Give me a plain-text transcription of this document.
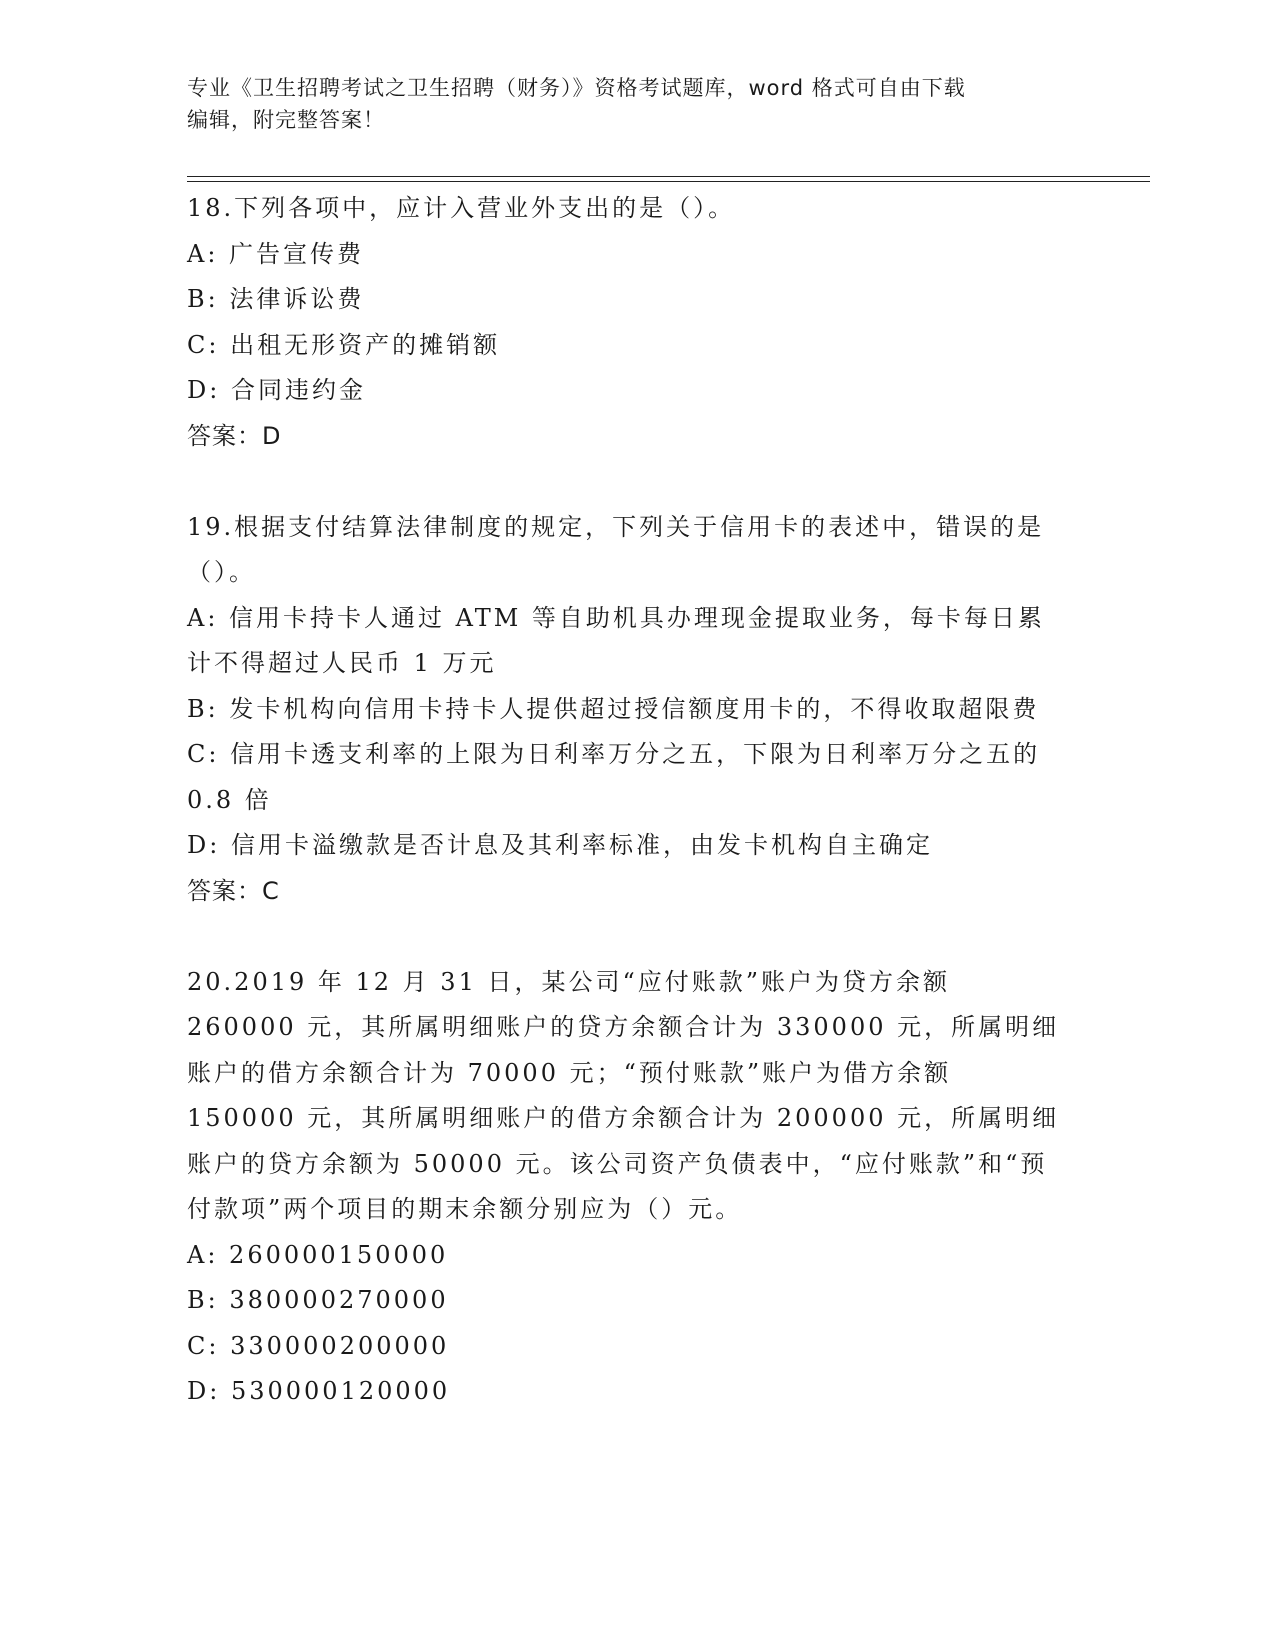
专业《卫生招聘考试之卫生招聘（财务）》资格考试题库，word 格式可自由下载
编辑，附完整答案！

18.下列各项中，应计入营业外支出的是（）。

A: 广告宣传费

B: 法律诉讼费

C: 出租无形资产的摊销额

D: 合同违约金

答案：D

19.根据支付结算法律制度的规定，下列关于信用卡的表述中，错误的是（）。

A: 信用卡持卡人通过 ATM 等自助机具办理现金提取业务，每卡每日累计不得超过人民币 1 万元

B: 发卡机构向信用卡持卡人提供超过授信额度用卡的，不得收取超限费

C: 信用卡透支利率的上限为日利率万分之五，下限为日利率万分之五的 0.8 倍

D: 信用卡溢缴款是否计息及其利率标准，由发卡机构自主确定

答案：C

20.2019 年 12 月 31 日，某公司“应付账款”账户为贷方余额 260000 元，其所属明细账户的贷方余额合计为 330000 元，所属明细账户的借方余额合计为 70000 元；“预付账款”账户为借方余额 150000 元，其所属明细账户的借方余额合计为 200000 元，所属明细账户的贷方余额为 50000 元。该公司资产负债表中，“应付账款”和“预付款项”两个项目的期末余额分别应为（）元。

A: 260000150000

B: 380000270000

C: 330000200000

D: 530000120000
